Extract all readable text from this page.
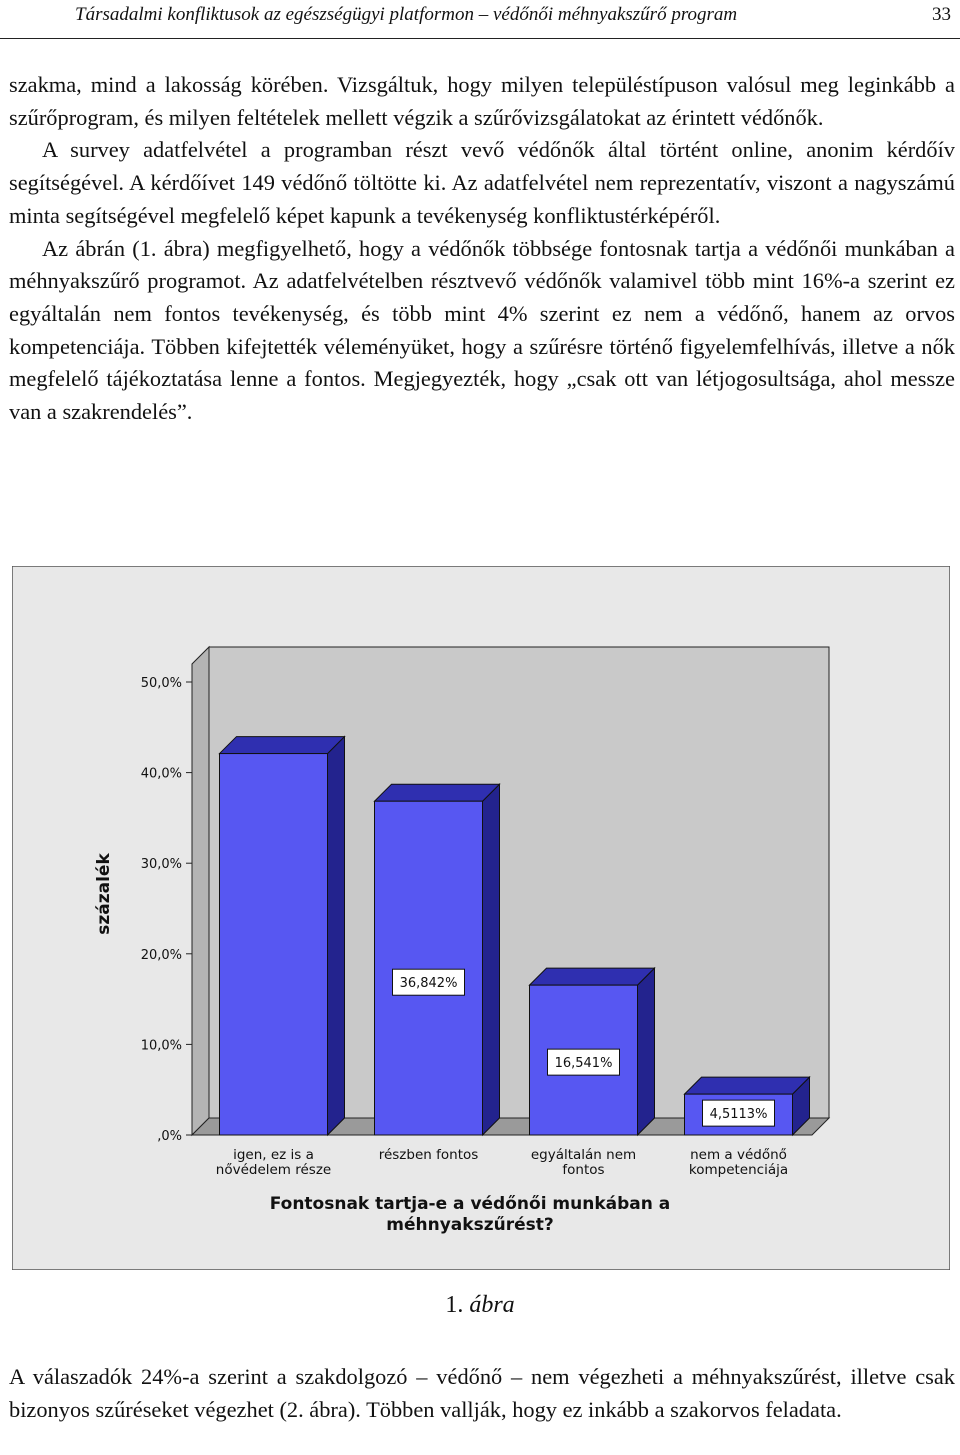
Társadalmi konfliktusok az egészségügyi platformon – védőnői méhnyakszűrő program	33
szakma, mind a lakosság körében. Vizsgáltuk, hogy milyen településtípuson valósul meg leginkább a szűrőprogram, és milyen feltételek mellett végzik a szűrővizsgálatokat az érintett védőnők.
A survey adatfelvétel a programban részt vevő védőnők által történt online, anonim kérdőív segítségével. A kérdőívet 149 védőnő töltötte ki. Az adatfelvétel nem reprezentatív, viszont a nagyszámú minta segítségével megfelelő képet kapunk a tevékenység konfliktustérképéről.
Az ábrán (1. ábra) megfigyelhető, hogy a védőnők többsége fontosnak tartja a védőnői munkában a méhnyakszűrő programot. Az adatfelvételben résztvevő védőnők valamivel több mint 16%-a szerint ez egyáltalán nem fontos tevékenység, és több mint 4% szerint ez nem a védőnő, hanem az orvos kompetenciája. Többen kifejtették véleményüket, hogy a szűrésre történő figyelemfelhívás, illetve a nők megfelelő tájékoztatása lenne a fontos. Megjegyezték, hogy „csak ott van létjogosultsága, ahol messze van a szakrendelés”.
,0%
10,0%
20,0%
30,0%
40,0%
50,0%
százalék
igen, ez is a
nővédelem része
36,842%
részben fontos
16,541%
egyáltalán nem
fontos
4,5113%
nem a védőnő
kompetenciája
Fontosnak tartja-e a védőnői munkában a
méhnyakszűrést?
1. ábra
A válaszadók 24%-a szerint a szakdolgozó – védőnő – nem végezheti a méhnyakszűrést, illetve csak bizonyos szűréseket végezhet (2. ábra). Többen vallják, hogy ez inkább a szakorvos feladata.
